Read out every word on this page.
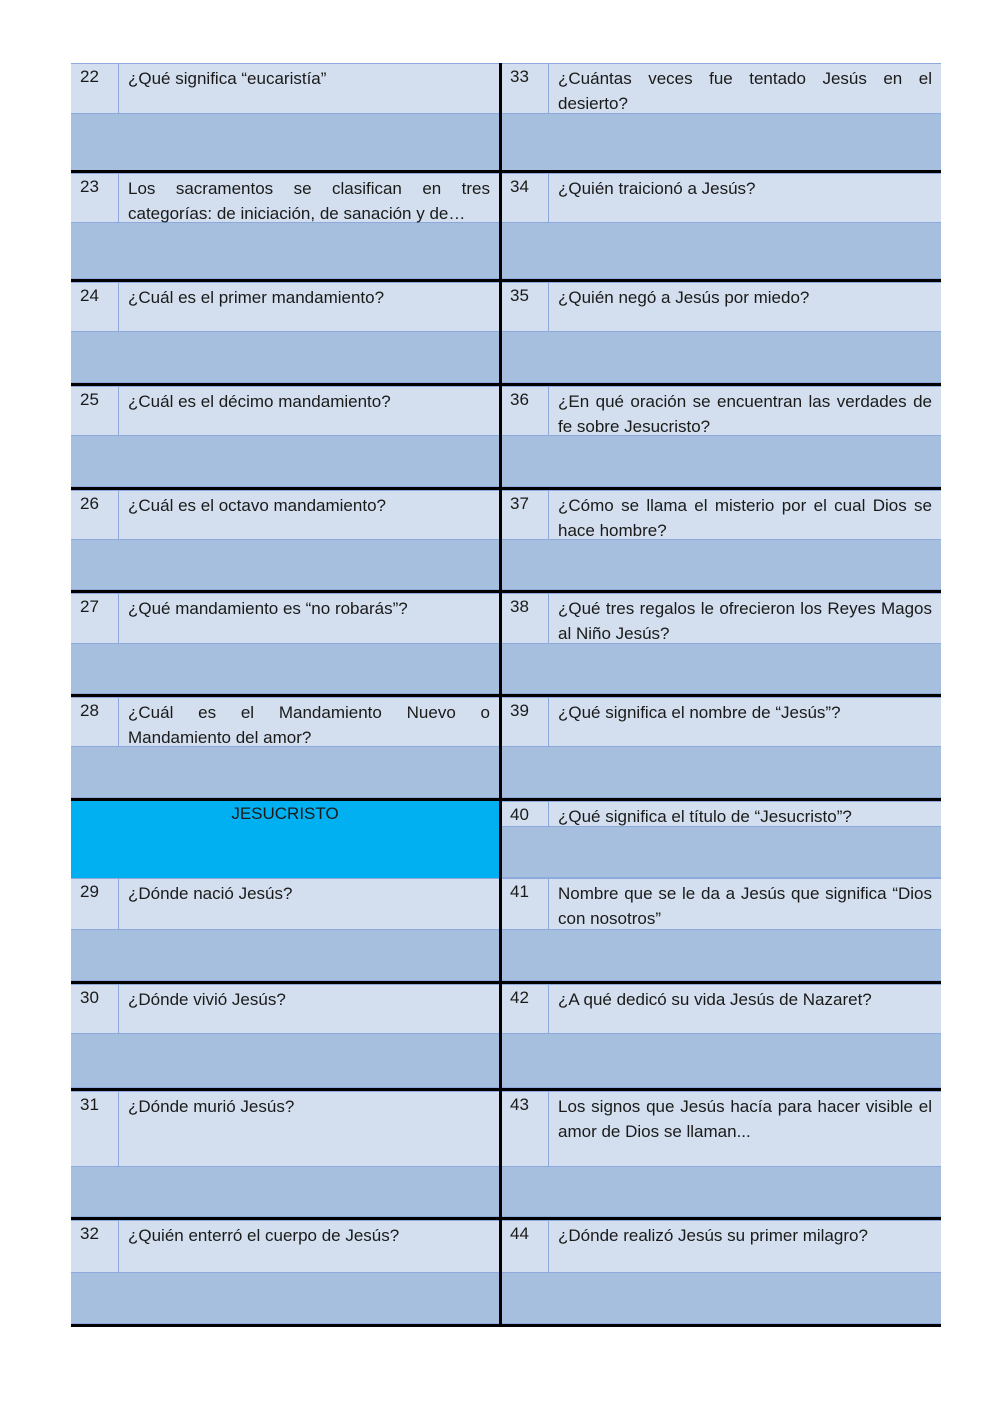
22	¿Qué significa “eucaristía”
23	Los sacramentos se clasifican en tres categorías: de iniciación, de sanación y de…
24	¿Cuál es el primer mandamiento?
25	¿Cuál es el décimo mandamiento?
26	¿Cuál es el octavo mandamiento?
27	¿Qué mandamiento es “no robarás”?
28	¿Cuál es el Mandamiento Nuevo o Mandamiento del amor?
JESUCRISTO
29	¿Dónde nació Jesús?
30	¿Dónde vivió Jesús?
31	¿Dónde murió Jesús?
32	¿Quién enterró el cuerpo de Jesús?
33	¿Cuántas veces fue tentado Jesús en el desierto?
34	¿Quién traicionó a Jesús?
35	¿Quién negó a Jesús por miedo?
36	¿En qué oración se encuentran las verdades de fe sobre Jesucristo?
37	¿Cómo se llama el misterio por el cual Dios se hace hombre?
38	¿Qué tres regalos le ofrecieron los Reyes Magos al Niño Jesús?
39	¿Qué significa el nombre de “Jesús”?
40	¿Qué significa el título de “Jesucristo”?
41	Nombre que se le da a Jesús que significa “Dios con nosotros”
42	¿A qué dedicó su vida Jesús de Nazaret?
43	Los signos que Jesús hacía para hacer visible el amor de Dios se llaman...
44	¿Dónde realizó Jesús su primer milagro?
